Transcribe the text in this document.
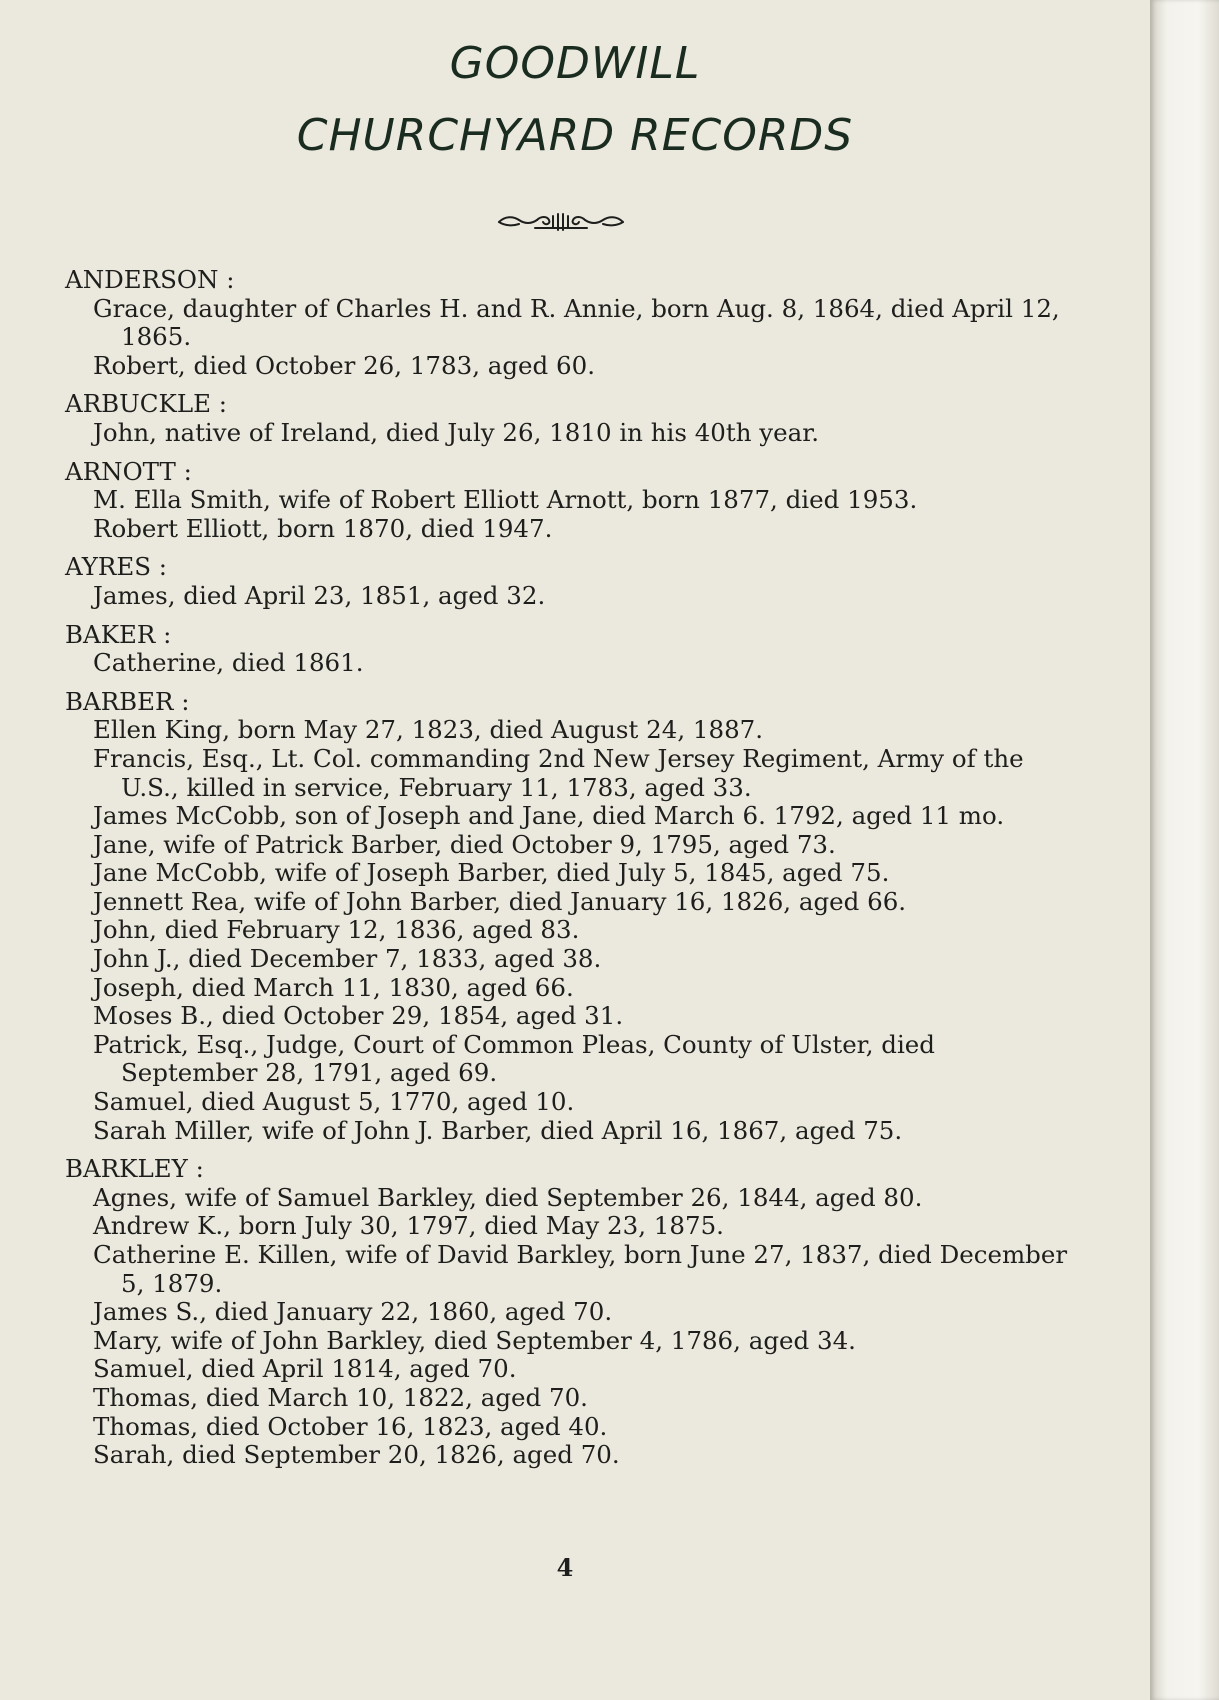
GOODWILL
CHURCHYARD RECORDS
ANDERSON :
Grace, daughter of Charles H. and R. Annie, born Aug. 8, 1864, died April 12, 1865.
Robert, died October 26, 1783, aged 60.
ARBUCKLE :
John, native of Ireland, died July 26, 1810 in his 40th year.
ARNOTT :
M. Ella Smith, wife of Robert Elliott Arnott, born 1877, died 1953.
Robert Elliott, born 1870, died 1947.
AYRES :
James, died April 23, 1851, aged 32.
BAKER :
Catherine, died 1861.
BARBER :
Ellen King, born May 27, 1823, died August 24, 1887.
Francis, Esq., Lt. Col. commanding 2nd New Jersey Regiment, Army of the U.S., killed in service, February 11, 1783, aged 33.
James McCobb, son of Joseph and Jane, died March 6. 1792, aged 11 mo.
Jane, wife of Patrick Barber, died October 9, 1795, aged 73.
Jane McCobb, wife of Joseph Barber, died July 5, 1845, aged 75.
Jennett Rea, wife of John Barber, died January 16, 1826, aged 66.
John, died February 12, 1836, aged 83.
John J., died December 7, 1833, aged 38.
Joseph, died March 11, 1830, aged 66.
Moses B., died October 29, 1854, aged 31.
Patrick, Esq., Judge, Court of Common Pleas, County of Ulster, died September 28, 1791, aged 69.
Samuel, died August 5, 1770, aged 10.
Sarah Miller, wife of John J. Barber, died April 16, 1867, aged 75.
BARKLEY :
Agnes, wife of Samuel Barkley, died September 26, 1844, aged 80.
Andrew K., born July 30, 1797, died May 23, 1875.
Catherine E. Killen, wife of David Barkley, born June 27, 1837, died December 5, 1879.
James S., died January 22, 1860, aged 70.
Mary, wife of John Barkley, died September 4, 1786, aged 34.
Samuel, died April 1814, aged 70.
Thomas, died March 10, 1822, aged 70.
Thomas, died October 16, 1823, aged 40.
Sarah, died September 20, 1826, aged 70.
4
